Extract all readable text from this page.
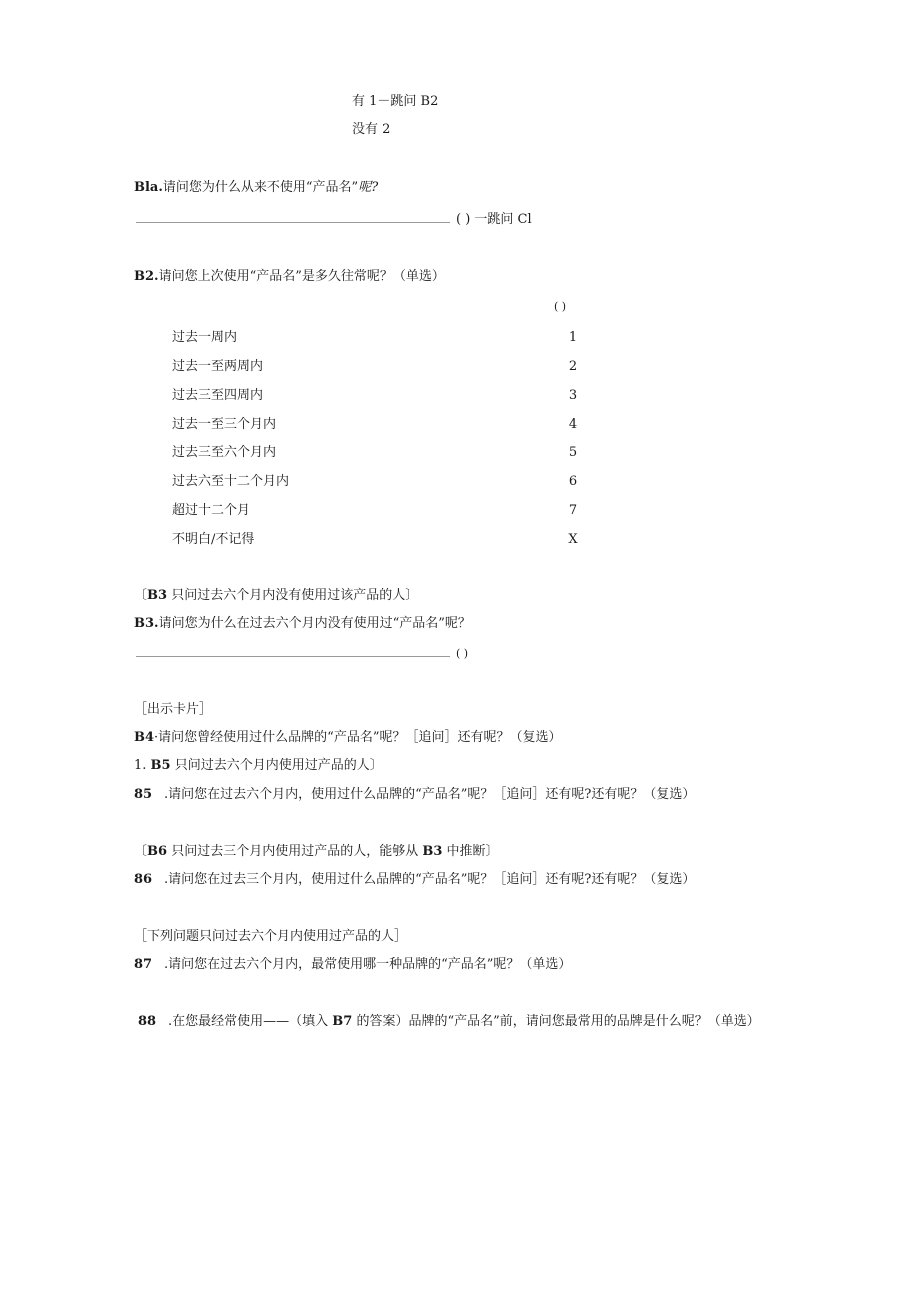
有 1－跳问 B2
没有 2
Bla.请问您为什么从来不使用“产品名”呢?
( ) 一跳问 Cl
B2.请问您上次使用“产品名”是多久往常呢？（单选）
( )
过去一周内	1
过去一至两周内	2
过去三至四周内	3
过去一至三个月内	4
过去三至六个月内	5
过去六至十二个月内	6
超过十二个月	7
不明白/不记得	X
〔B3 只问过去六个月内没有使用过该产品的人〕
B3.请问您为什么在过去六个月内没有使用过“产品名”呢？
( )
［出示卡片］
B4·请问您曾经使用过什么品牌的“产品名”呢？［追问］还有呢？（复选）
1. B5 只问过去六个月内使用过产品的人〕
85 .请问您在过去六个月内，使用过什么品牌的“产品名”呢？［追问］还有呢?还有呢？（复选）
〔B6 只问过去三个月内使用过产品的人，能够从 B3 中推断〕
86 .请问您在过去三个月内，使用过什么品牌的“产品名”呢？［追问］还有呢?还有呢？（复选）
［下列问题只问过去六个月内使用过产品的人］
87 .请问您在过去六个月内，最常使用哪一种品牌的“产品名”呢？（单选）
88 .在您最经常使用——（填入 B7 的答案）品牌的“产品名”前，请问您最常用的品牌是什么呢？（单选）
